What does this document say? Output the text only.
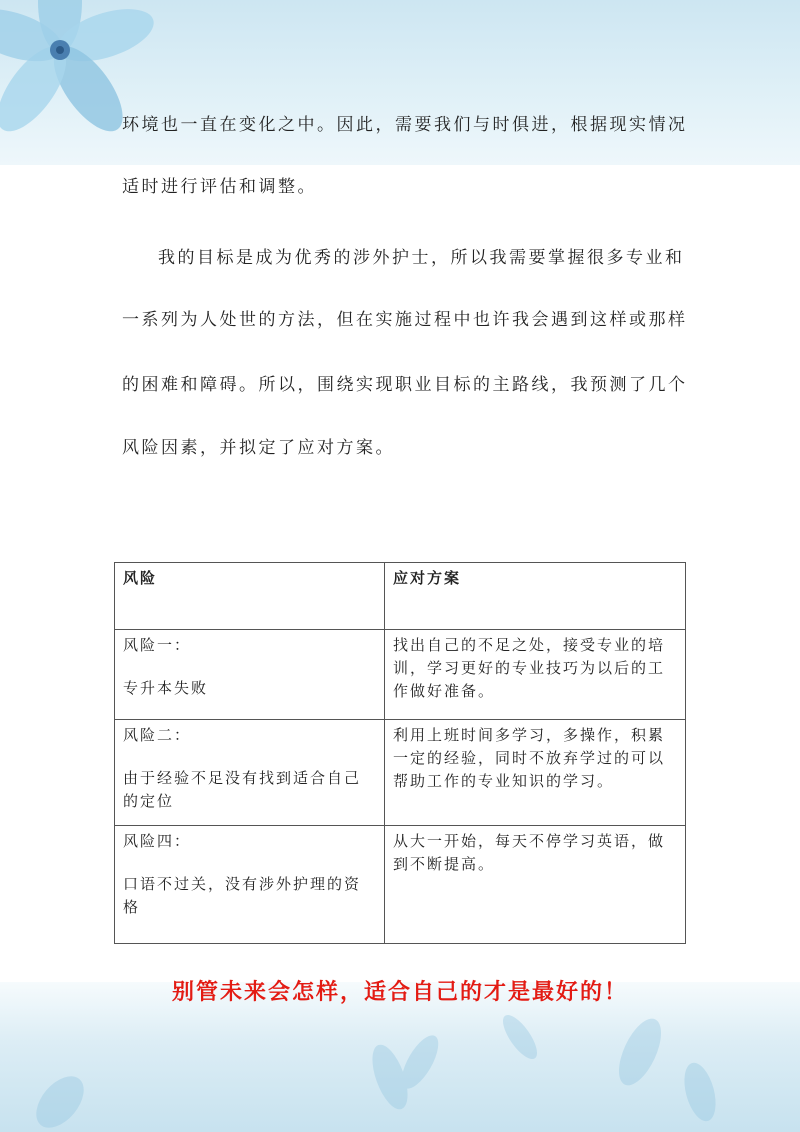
环境也一直在变化之中。因此，需要我们与时俱进，根据现实情况

适时进行评估和调整。

我的目标是成为优秀的涉外护士，所以我需要掌握很多专业和

一系列为人处世的方法，但在实施过程中也许我会遇到这样或那样

的困难和障碍。所以，围绕实现职业目标的主路线，我预测了几个

风险因素，并拟定了应对方案。

风险	应对方案

风险一：
专升本失败	找出自己的不足之处，接受专业的培训，学习更好的专业技巧为以后的工作做好准备。

风险二：
由于经验不足没有找到适合自己的定位	利用上班时间多学习，多操作，积累一定的经验，同时不放弃学过的可以帮助工作的专业知识的学习。

风险四：
口语不过关，没有涉外护理的资格	从大一开始，每天不停学习英语，做到不断提高。

别管未来会怎样，适合自己的才是最好的！
